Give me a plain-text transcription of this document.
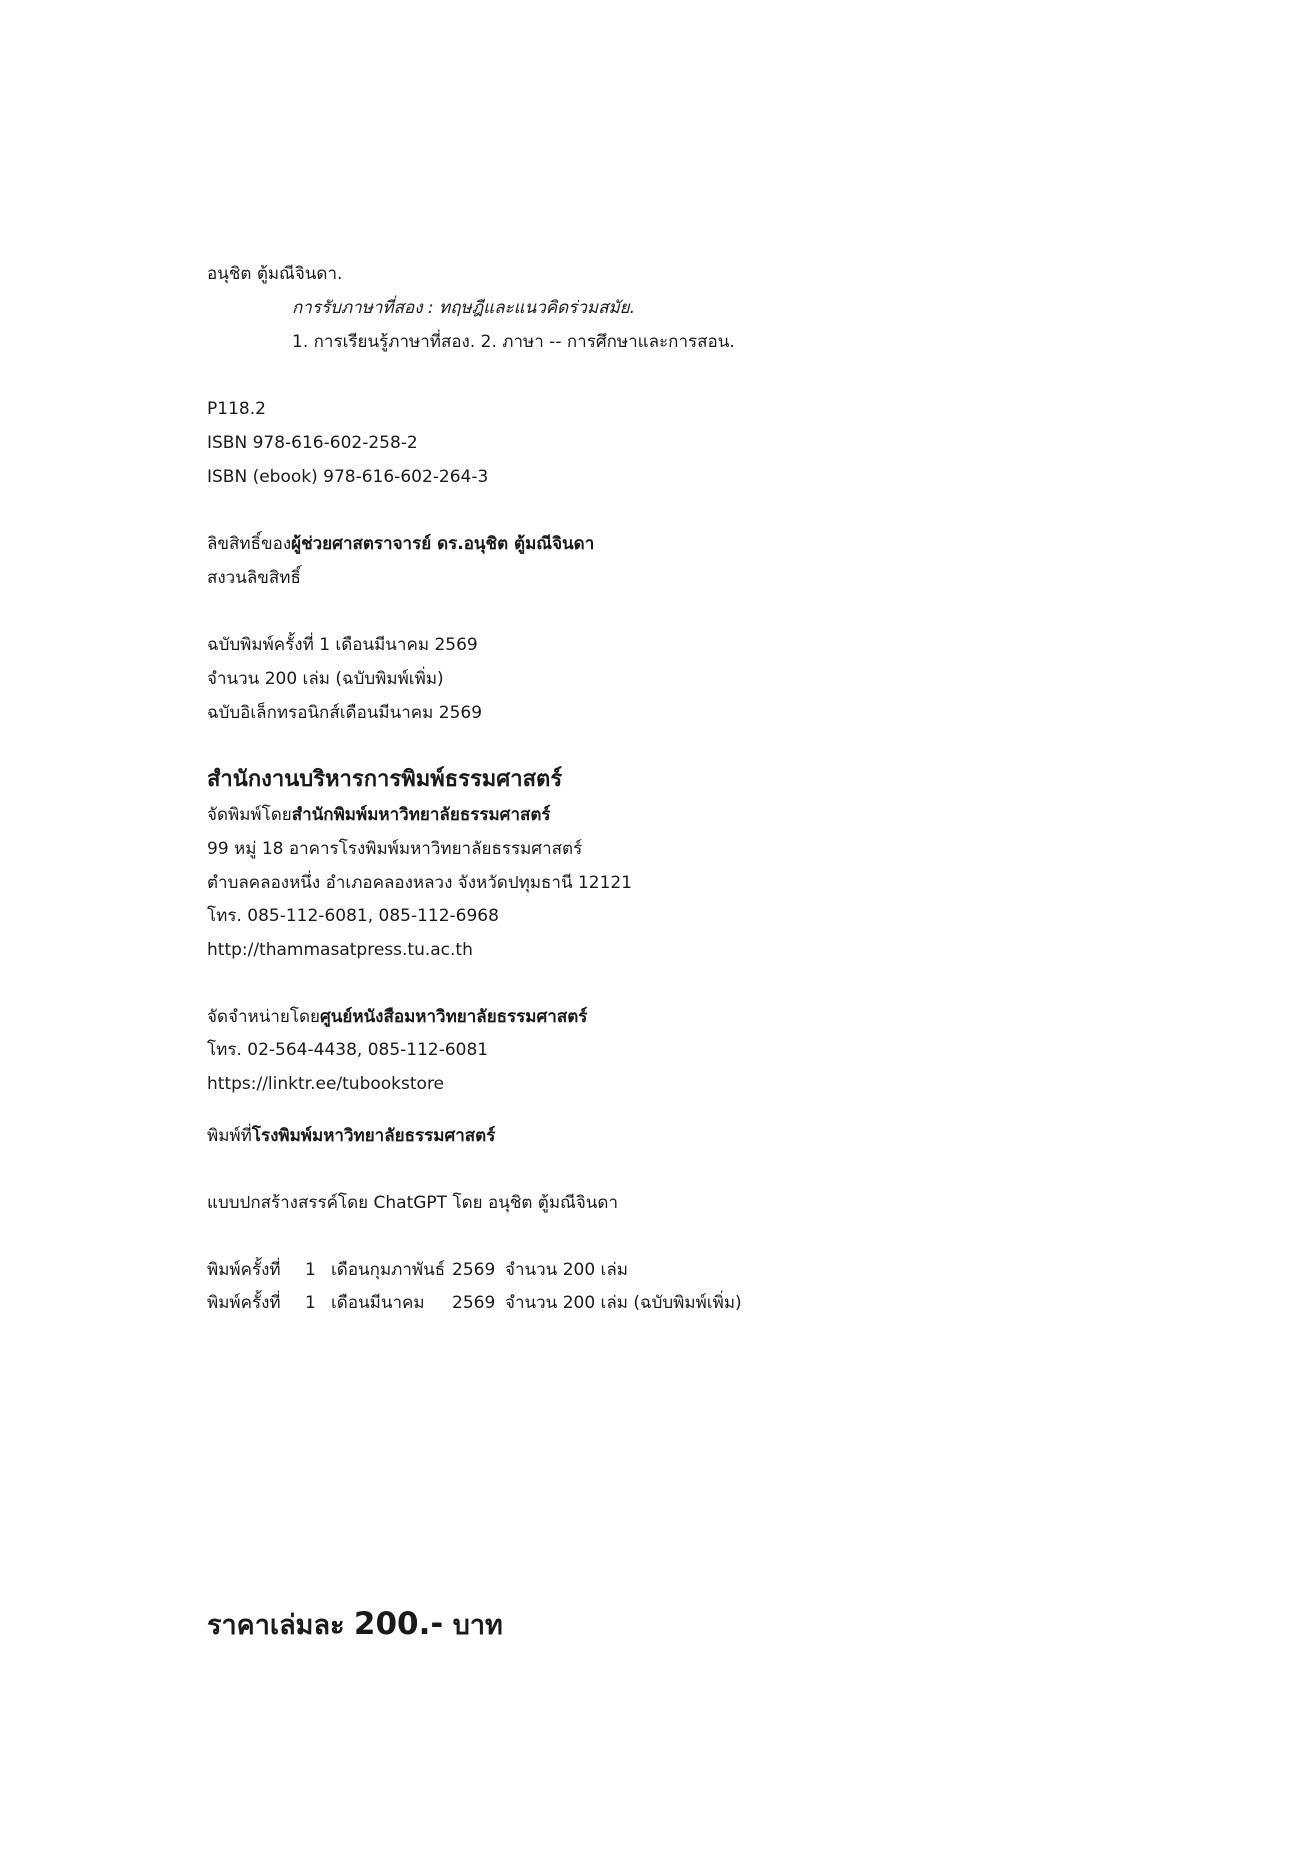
อนุชิต ตู้มณีจินดา.
การรับภาษาที่สอง : ทฤษฎีและแนวคิดร่วมสมัย.
1. การเรียนรู้ภาษาที่สอง. 2. ภาษา -- การศึกษาและการสอน.
P118.2
ISBN 978-616-602-258-2
ISBN (ebook) 978-616-602-264-3
ลิขสิทธิ์ของผู้ช่วยศาสตราจารย์ ดร.อนุชิต ตู้มณีจินดา
สงวนลิขสิทธิ์
ฉบับพิมพ์ครั้งที่ 1 เดือนมีนาคม 2569
จำนวน 200 เล่ม (ฉบับพิมพ์เพิ่ม)
ฉบับอิเล็กทรอนิกส์เดือนมีนาคม 2569
สำนักงานบริหารการพิมพ์ธรรมศาสตร์
จัดพิมพ์โดยสำนักพิมพ์มหาวิทยาลัยธรรมศาสตร์
99 หมู่ 18 อาคารโรงพิมพ์มหาวิทยาลัยธรรมศาสตร์
ตำบลคลองหนึ่ง อำเภอคลองหลวง จังหวัดปทุมธานี 12121
โทร. 085-112-6081, 085-112-6968
http://thammasatpress.tu.ac.th
จัดจำหน่ายโดยศูนย์หนังสือมหาวิทยาลัยธรรมศาสตร์
โทร. 02-564-4438, 085-112-6081
https://linktr.ee/tubookstore
พิมพ์ที่โรงพิมพ์มหาวิทยาลัยธรรมศาสตร์
แบบปกสร้างสรรค์โดย ChatGPT โดย อนุชิต ตู้มณีจินดา
พิมพ์ครั้งที่ 1 เดือนกุมภาพันธ์ 2569 จำนวน 200 เล่ม
พิมพ์ครั้งที่ 1 เดือนมีนาคม 2569 จำนวน 200 เล่ม (ฉบับพิมพ์เพิ่ม)
ราคาเล่มละ 200.- บาท
